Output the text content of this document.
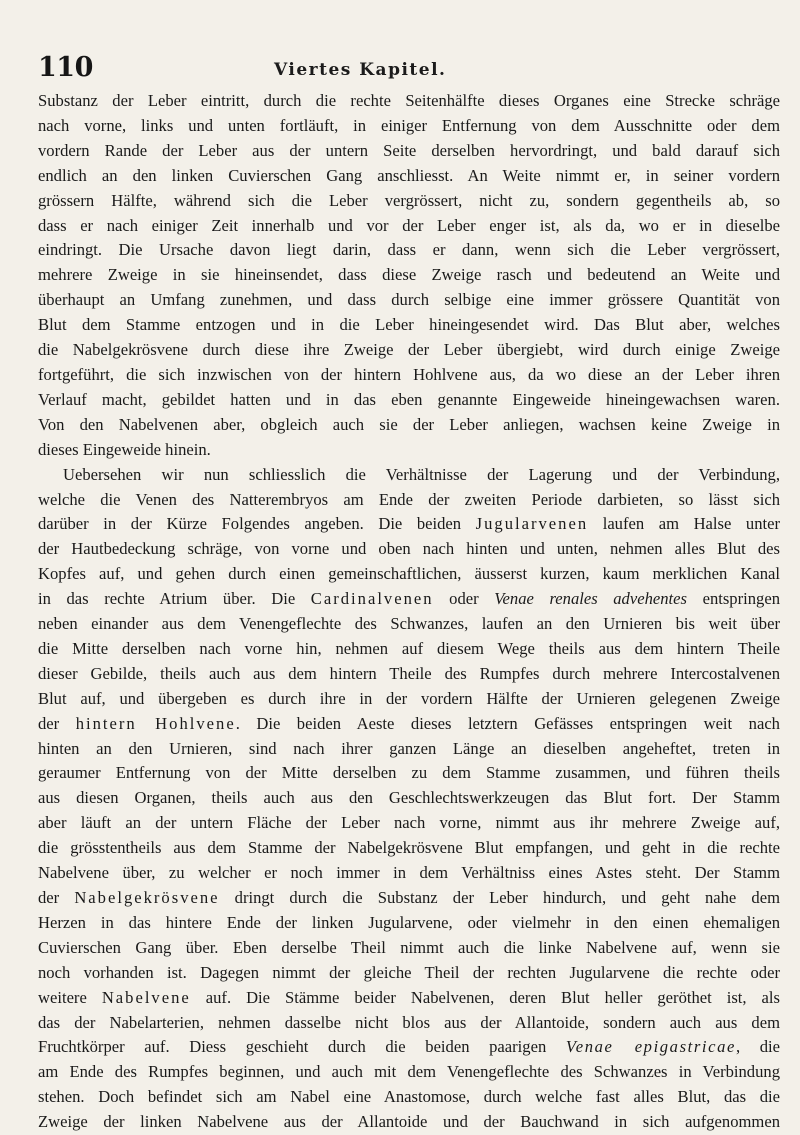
110	Viertes Kapitel.
Substanz der Leber eintritt, durch die rechte Seitenhälfte dieses Organes eine Strecke schräge
nach vorne, links und unten fortläuft, in einiger Entfernung von dem Ausschnitte oder dem
vordern Rande der Leber aus der untern Seite derselben hervordringt, und bald darauf sich
endlich an den linken Cuvierschen Gang anschliesst. An Weite nimmt er, in seiner vordern
grössern Hälfte, während sich die Leber vergrössert, nicht zu, sondern gegentheils ab, so
dass er nach einiger Zeit innerhalb und vor der Leber enger ist, als da, wo er in dieselbe
eindringt. Die Ursache davon liegt darin, dass er dann, wenn sich die Leber vergrössert,
mehrere Zweige in sie hineinsendet, dass diese Zweige rasch und bedeutend an Weite und
überhaupt an Umfang zunehmen, und dass durch selbige eine immer grössere Quantität von
Blut dem Stamme entzogen und in die Leber hineingesendet wird. Das Blut aber, welches
die Nabelgekrösvene durch diese ihre Zweige der Leber übergiebt, wird durch einige Zweige
fortgeführt, die sich inzwischen von der hintern Hohlvene aus, da wo diese an der Leber ihren
Verlauf macht, gebildet hatten und in das eben genannte Eingeweide hineingewachsen waren.
Von den Nabelvenen aber, obgleich auch sie der Leber anliegen, wachsen keine Zweige in
dieses Eingeweide hinein.
Uebersehen wir nun schliesslich die Verhältnisse der Lagerung und der Verbindung,
welche die Venen des Natterembryos am Ende der zweiten Periode darbieten, so lässt sich
darüber in der Kürze Folgendes angeben. Die beiden Jugularvenen laufen am Halse unter
der Hautbedeckung schräge, von vorne und oben nach hinten und unten, nehmen alles Blut des
Kopfes auf, und gehen durch einen gemeinschaftlichen, äusserst kurzen, kaum merklichen Kanal
in das rechte Atrium über. Die Cardinalvenen oder Venae renales advehentes entspringen
neben einander aus dem Venengeflechte des Schwanzes, laufen an den Urnieren bis weit über
die Mitte derselben nach vorne hin, nehmen auf diesem Wege theils aus dem hintern Theile
dieser Gebilde, theils auch aus dem hintern Theile des Rumpfes durch mehrere Intercostalvenen
Blut auf, und übergeben es durch ihre in der vordern Hälfte der Urnieren gelegenen Zweige
der hintern Hohlvene. Die beiden Aeste dieses letztern Gefässes entspringen weit nach
hinten an den Urnieren, sind nach ihrer ganzen Länge an dieselben angeheftet, treten in
geraumer Entfernung von der Mitte derselben zu dem Stamme zusammen, und führen theils
aus diesen Organen, theils auch aus den Geschlechtswerkzeugen das Blut fort. Der Stamm
aber läuft an der untern Fläche der Leber nach vorne, nimmt aus ihr mehrere Zweige auf,
die grösstentheils aus dem Stamme der Nabelgekrösvene Blut empfangen, und geht in die rechte
Nabelvene über, zu welcher er noch immer in dem Verhältniss eines Astes steht. Der Stamm
der Nabelgekrösvene dringt durch die Substanz der Leber hindurch, und geht nahe dem
Herzen in das hintere Ende der linken Jugularvene, oder vielmehr in den einen ehemaligen
Cuvierschen Gang über. Eben derselbe Theil nimmt auch die linke Nabelvene auf, wenn sie
noch vorhanden ist. Dagegen nimmt der gleiche Theil der rechten Jugularvene die rechte oder
weitere Nabelvene auf. Die Stämme beider Nabelvenen, deren Blut heller geröthet ist, als
das der Nabelarterien, nehmen dasselbe nicht blos aus der Allantoide, sondern auch aus dem
Fruchtkörper auf. Diess geschieht durch die beiden paarigen Venae epigastricae, die
am Ende des Rumpfes beginnen, und auch mit dem Venengeflechte des Schwanzes in Verbindung
stehen. Doch befindet sich am Nabel eine Anastomose, durch welche fast alles Blut, das die
Zweige der linken Nabelvene aus der Allantoide und der Bauchwand in sich aufgenommen
